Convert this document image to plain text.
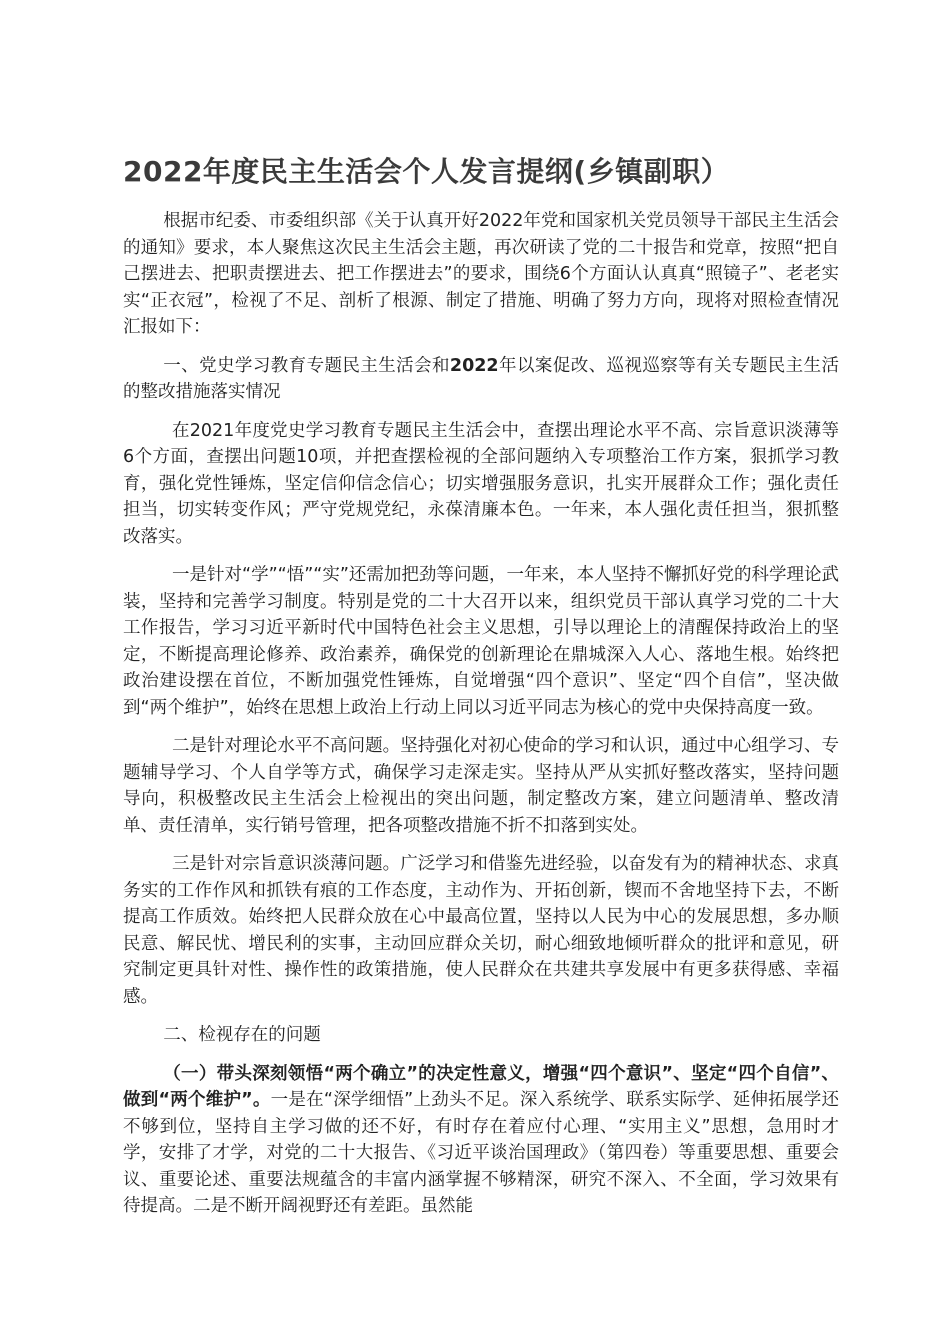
2022年度民主生活会个人发言提纲(乡镇副职）

根据市纪委、市委组织部《关于认真开好2022年党和国家机关党员领导干部民主生活会的通知》要求，本人聚焦这次民主生活会主题，再次研读了党的二十报告和党章，按照“把自己摆进去、把职责摆进去、把工作摆进去”的要求，围绕6个方面认认真真“照镜子”、老老实实“正衣冠”，检视了不足、剖析了根源、制定了措施、明确了努力方向，现将对照检查情况汇报如下：

一、党史学习教育专题民主生活会和2022年以案促改、巡视巡察等有关专题民主生活的整改措施落实情况

在2021年度党史学习教育专题民主生活会中，查摆出理论水平不高、宗旨意识淡薄等6个方面，查摆出问题10项，并把查摆检视的全部问题纳入专项整治工作方案，狠抓学习教育，强化党性锤炼，坚定信仰信念信心；切实增强服务意识，扎实开展群众工作；强化责任担当，切实转变作风；严守党规党纪，永葆清廉本色。一年来，本人强化责任担当，狠抓整改落实。

一是针对“学”“悟”“实”还需加把劲等问题，一年来，本人坚持不懈抓好党的科学理论武装，坚持和完善学习制度。特别是党的二十大召开以来，组织党员干部认真学习党的二十大工作报告，学习习近平新时代中国特色社会主义思想，引导以理论上的清醒保持政治上的坚定，不断提高理论修养、政治素养，确保党的创新理论在鼎城深入人心、落地生根。始终把政治建设摆在首位，不断加强党性锤炼，自觉增强“四个意识”、坚定“四个自信”，坚决做到“两个维护”，始终在思想上政治上行动上同以习近平同志为核心的党中央保持高度一致。

二是针对理论水平不高问题。坚持强化对初心使命的学习和认识，通过中心组学习、专题辅导学习、个人自学等方式，确保学习走深走实。坚持从严从实抓好整改落实，坚持问题导向，积极整改民主生活会上检视出的突出问题，制定整改方案，建立问题清单、整改清单、责任清单，实行销号管理，把各项整改措施不折不扣落到实处。

三是针对宗旨意识淡薄问题。广泛学习和借鉴先进经验，以奋发有为的精神状态、求真务实的工作作风和抓铁有痕的工作态度，主动作为、开拓创新，锲而不舍地坚持下去，不断提高工作质效。始终把人民群众放在心中最高位置，坚持以人民为中心的发展思想，多办顺民意、解民忧、增民利的实事，主动回应群众关切，耐心细致地倾听群众的批评和意见，研究制定更具针对性、操作性的政策措施，使人民群众在共建共享发展中有更多获得感、幸福感。

二、检视存在的问题

（一）带头深刻领悟“两个确立”的决定性意义，增强“四个意识”、坚定“四个自信”、做到“两个维护”。一是在“深学细悟”上劲头不足。深入系统学、联系实际学、延伸拓展学还不够到位，坚持自主学习做的还不好，有时存在着应付心理、“实用主义”思想，急用时才学，安排了才学，对党的二十大报告、《习近平谈治国理政》（第四卷）等重要思想、重要会议、重要论述、重要法规蕴含的丰富内涵掌握不够精深，研究不深入、不全面，学习效果有待提高。二是不断开阔视野还有差距。虽然能
